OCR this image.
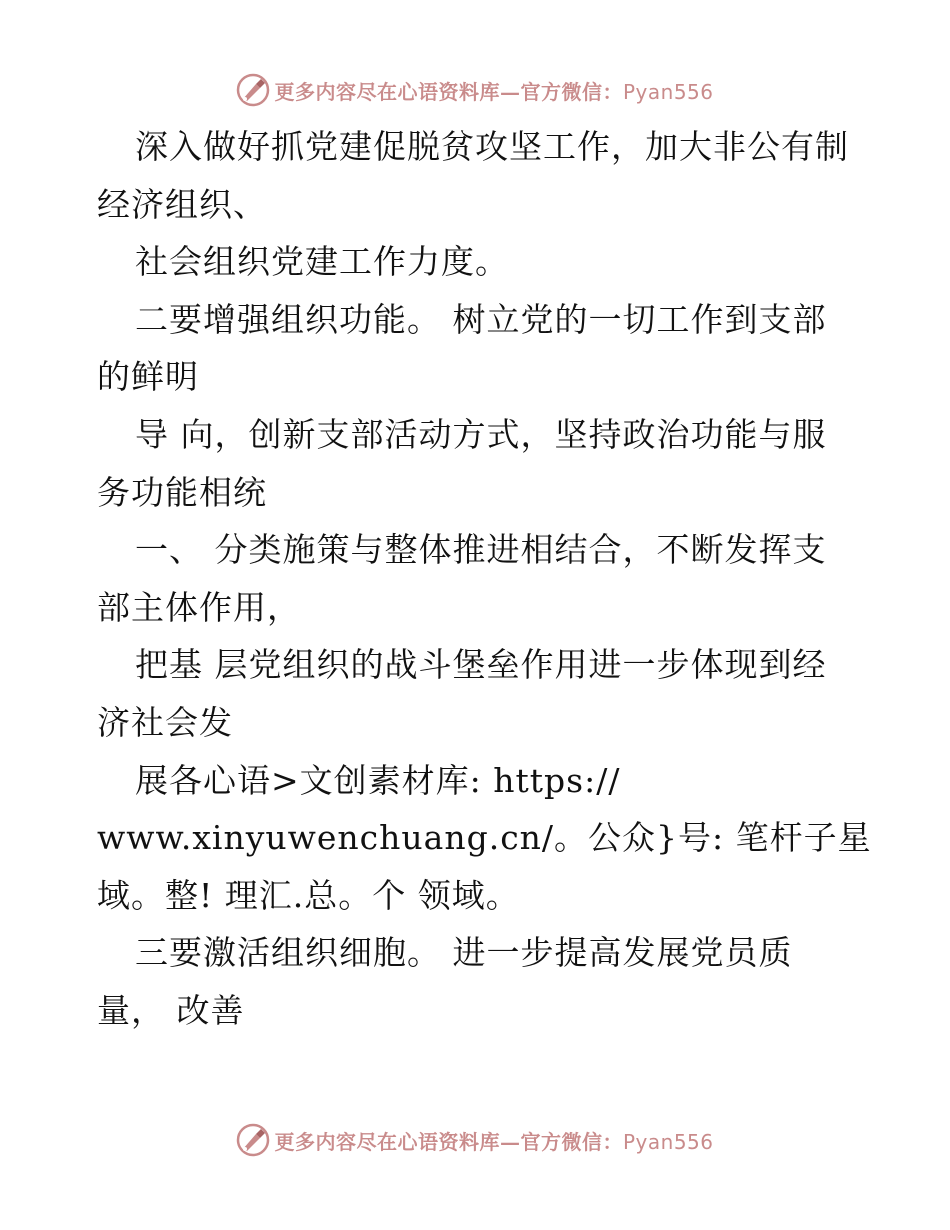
更多内容尽在心语资料库—官方微信：Pyan556
深入做好抓党建促脱贫攻坚工作，加大非公有制
经济组织、
社会组织党建工作力度。
二要增强组织功能。 树立党的一切工作到支部
的鲜明
导 向，创新支部活动方式，坚持政治功能与服
务功能相统
一、 分类施策与整体推进相结合，不断发挥支
部主体作用，
把基 层党组织的战斗堡垒作用进一步体现到经
济社会发
展各心语>文创素材库: https://
www.xinyuwenchuang.cn/。公众}号: 笔杆子星
域。整! 理汇.总。个 领域。
三要激活组织细胞。 进一步提高发展党员质
量， 改善
更多内容尽在心语资料库—官方微信：Pyan556
